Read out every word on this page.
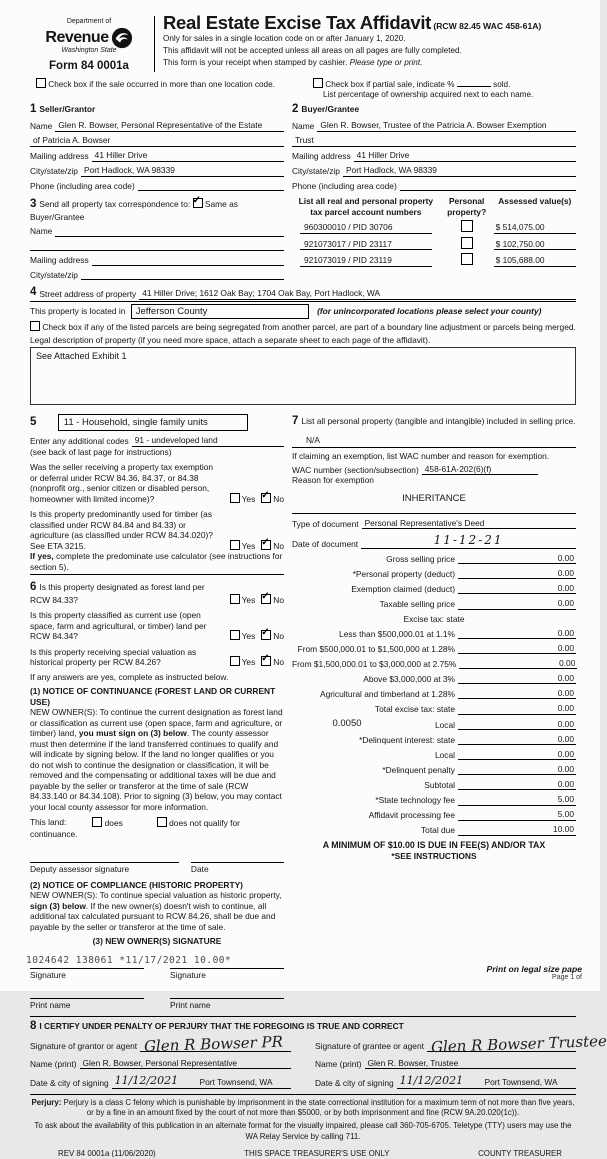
Department of
Revenue
Washington State
Form 84 0001a
Real Estate Excise Tax Affidavit (RCW 82.45 WAC 458-61A)
Only for sales in a single location code on or after January 1, 2020.
This affidavit will not be accepted unless all areas on all pages are fully completed.
This form is your receipt when stamped by cashier. Please type or print.
Check box if the sale occurred in more than one location code.	Check box if partial sale, indicate %	sold.
List percentage of ownership acquired next to each name.
1 Seller/Grantor
Name Glen R. Bowser, Personal Representative of the Estate
of Patricia A. Bowser
Mailing address 41 Hiller Drive
City/state/zip Port Hadlock, WA 98339
Phone (including area code)
3 Send all property tax correspondence to: ✓ Same as Buyer/Grantee
Name
Mailing address
City/state/zip
2 Buyer/Grantee
Name Glen R. Bowser, Trustee of the Patricia A. Bowser Exemption
Trust
Mailing address 41 Hiller Drive
City/state/zip Port Hadlock, WA 98339
Phone (including area code)
List all real and personal property tax parcel account numbers
Personal property?
Assessed value(s)
960300010 / PID 30706	$ 514,075.00
921073017 / PID 23117	$ 102,750.00
921073019 / PID 23119	$ 105,688.00
4 Street address of property 41 Hiller Drive; 1612 Oak Bay; 1704 Oak Bay, Port Hadlock, WA
This property is located in Jefferson County	(for unincorporated locations please select your county)
Check box if any of the listed parcels are being segregated from another parcel, are part of a boundary line adjustment or parcels being merged.
Legal description of property (if you need more space, attach a separate sheet to each page of the affidavit).
See Attached Exhibit 1
5	11 - Household, single family units
Enter any additional codes 91 - undeveloped land
(see back of last page for instructions)
Was the seller receiving a property tax exemption or deferral under RCW 84.36, 84.37, or 84.38 (nonprofit org., senior citizen or disabled person, homeowner with limited income)?	Yes ✓ No
Is this property predominantly used for timber (as classified under RCW 84.84 and 84.33) or agriculture (as classified under RCW 84.34.020)? See ETA 3215.	Yes ✓ No
If yes, complete the predominate use calculator (see instructions for section 5).
6 Is this property designated as forest land per RCW 84.33?	Yes ✓ No
Is this property classified as current use (open space, farm and agricultural, or timber) land per RCW 84.34?	Yes ✓ No
Is this property receiving special valuation as historical property per RCW 84.26?	Yes ✓ No
If any answers are yes, complete as instructed below.
(1) NOTICE OF CONTINUANCE (FOREST LAND OR CURRENT USE)
NEW OWNER(S): To continue the current designation as forest land or classification as current use (open space, farm and agriculture, or timber) land, you must sign on (3) below. The county assessor must then determine if the land transferred continues to qualify and will indicate by signing below. If the land no longer qualifies or you do not wish to continue the designation or classification, it will be removed and the compensating or additional taxes will be due and payable by the seller or transferor at the time of sale (RCW 84.33.140 or 84.34.108). Prior to signing (3) below, you may contact your local county assessor for more information.
This land:	does	does not qualify for
continuance.
Deputy assessor signature	Date
(2) NOTICE OF COMPLIANCE (HISTORIC PROPERTY)
NEW OWNER(S): To continue special valuation as historic property, sign (3) below. If the new owner(s) doesn't wish to continue, all additional tax calculated pursuant to RCW 84.26, shall be due and payable by the seller or transferor at the time of sale.
(3) NEW OWNER(S) SIGNATURE
Signature	Signature
Print name	Print name
7 List all personal property (tangible and intangible) included in selling price.
N/A
If claiming an exemption, list WAC number and reason for exemption.
WAC number (section/subsection) 458-61A-202(6)(f)
Reason for exemption
INHERITANCE
Type of document Personal Representative's Deed
Date of document	11-12-21
Gross selling price	0.00
*Personal property (deduct)	0.00
Exemption claimed (deduct)	0.00
Taxable selling price	0.00
Excise tax: state
Less than $500,000.01 at 1.1%	0.00
From $500,000.01 to $1,500,000 at 1.28%	0.00
From $1,500,000.01 to $3,000,000 at 2.75%	0.00
Above $3,000,000 at 3%	0.00
Agricultural and timberland at 1.28%	0.00
Total excise tax: state	0.00
0.0050	Local	0.00
*Delinquent interest: state	0.00
Local	0.00
*Delinquent penalty	0.00
Subtotal	0.00
*State technology fee	5.00
Affidavit processing fee	5.00
Total due	10.00
A MINIMUM OF $10.00 IS DUE IN FEE(S) AND/OR TAX
*SEE INSTRUCTIONS
8 I CERTIFY UNDER PENALTY OF PERJURY THAT THE FOREGOING IS TRUE AND CORRECT
Signature of grantor or agent Glen R Bowser PR
Name (print) Glen R. Bowser, Personal Representative
Date & city of signing 11/12/2021	Port Townsend, WA
Signature of grantee or agent Glen R Bowser Trustee
Name (print) Glen R. Bowser, Trustee
Date & city of signing 11/12/2021	Port Townsend, WA
Perjury: Perjury is a class C felony which is punishable by imprisonment in the state correctional institution for a maximum term of not more than five years, or by a fine in an amount fixed by the court of not more than $5000, or by both imprisonment and fine (RCW 9A.20.020(1c)).
To ask about the availability of this publication in an alternate format for the visually impaired, please call 360-705-6705. Teletype (TTY) users may use the WA Relay Service by calling 711.
REV 84 0001a (11/06/2020)	THIS SPACE TREASURER'S USE ONLY	COUNTY TREASURER
1024642 138061 *11/17/2021 10.00*
Print on legal size pape
Page 1 of
